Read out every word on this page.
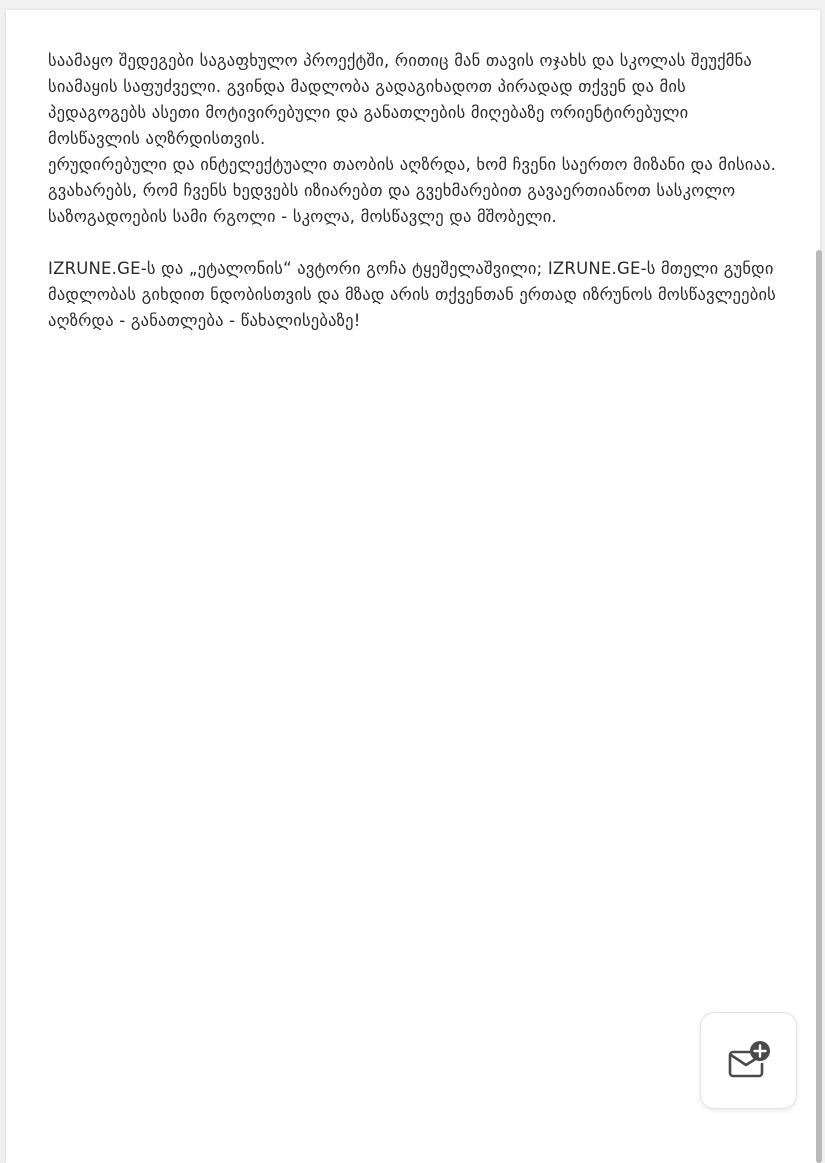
საამაყო შედეგები საგაფხულო პროექტში, რითიც მან თავის ოჯახს და სკოლას შეუქმნა სიამაყის საფუძველი. გვინდა მადლობა გადაგიხადოთ პირადად თქვენ და მის პედაგოგებს ასეთი მოტივირებული და განათლების მიღებაზე ორიენტირებული მოსწავლის აღზრდისთვის.

ერუდირებული და ინტელექტუალი თაობის აღზრდა, ხომ ჩვენი საერთო მიზანი და მისიაა. გვახარებს, რომ ჩვენს ხედვებს იზიარებთ და გვეხმარებით გავაერთიანოთ სასკოლო საზოგადოების სამი რგოლი - სკოლა, მოსწავლე და მშობელი.

IZRUNE.GE-ს და „ეტალონის“ ავტორი გოჩა ტყეშელაშვილი; IZRUNE.GE-ს მთელი გუნდი მადლობას გიხდით ნდობისთვის და მზად არის თქვენთან ერთად იზრუნოს მოსწავლეების აღზრდა - განათლება - წახალისებაზე!
